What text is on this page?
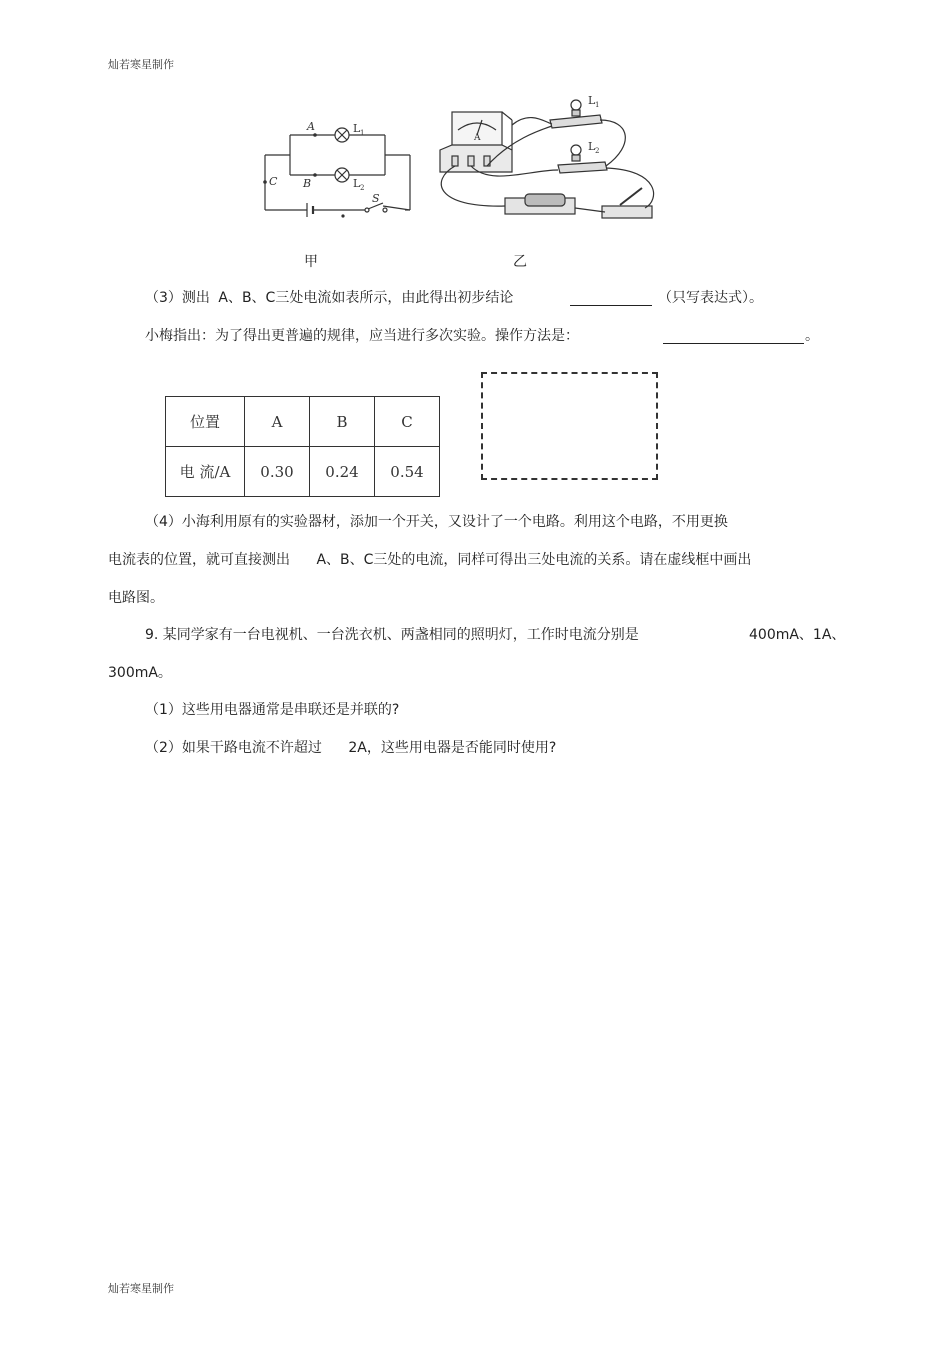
灿若寒星制作
A
B
C
S
L 1
L 2
A
L 1
L 2
甲	乙
（3）测出 A、B、C三处电流如表所示，由此得出初步结论	（只写表达式）。
小梅指出：为了得出更普遍的规律，应当进行多次实验。操作方法是：	。
位置	A	B	C
电 流/A	0.30	0.24	0.54
（4）小海利用原有的实验器材，添加一个开关，又设计了一个电路。利用这个电路，不用更换
电流表的位置，就可直接测出 A、B、C三处的电流，同样可得出三处电流的关系。请在虚线框中画出
电路图。
9. 某同学家有一台电视机、一台洗衣机、两盏相同的照明灯，工作时电流分别是	400mA、1A、
300mA。
（1）这些用电器通常是串联还是并联的?
（2）如果干路电流不许超过 2A，这些用电器是否能同时使用?
灿若寒星制作
